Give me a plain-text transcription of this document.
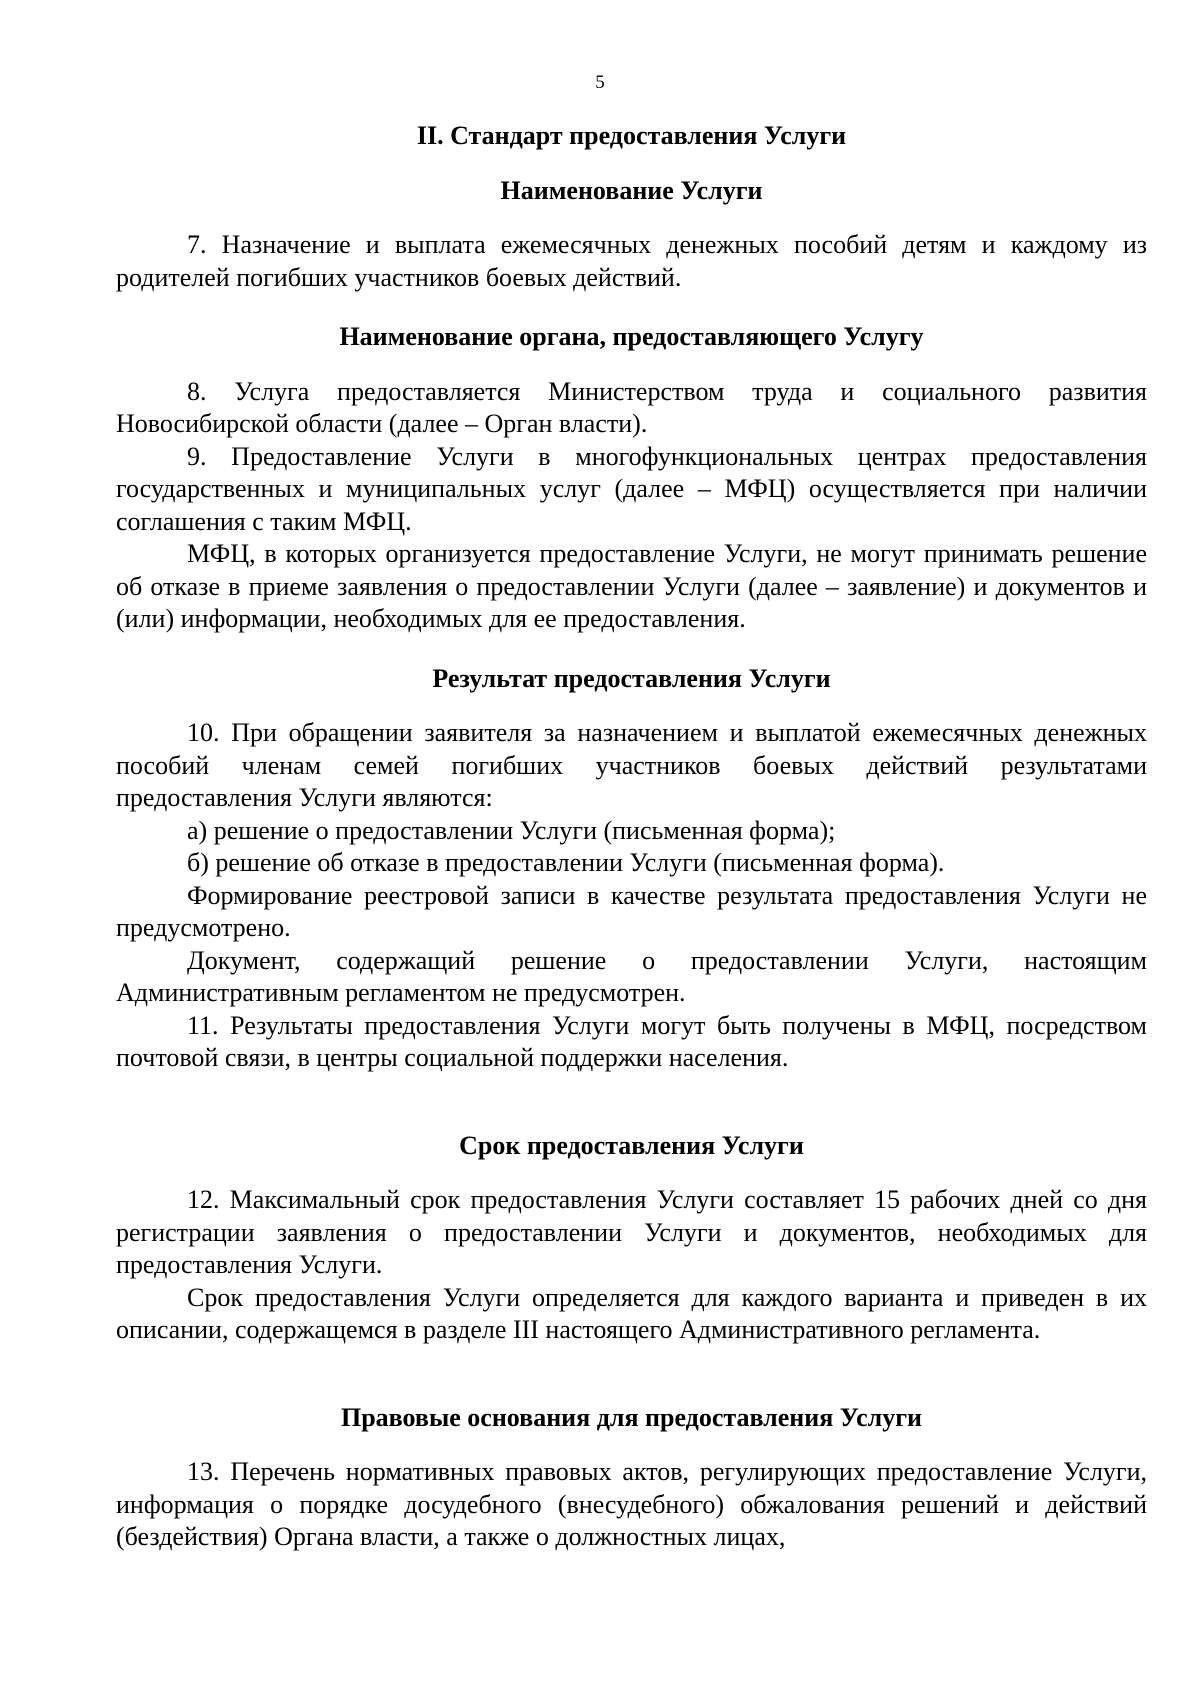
5
II. Стандарт предоставления Услуги
Наименование Услуги

7. Назначение и выплата ежемесячных денежных пособий детям и каждому из родителей погибших участников боевых действий.

Наименование органа, предоставляющего Услугу

8. Услуга предоставляется Министерством труда и социального развития Новосибирской области (далее – Орган власти).

9. Предоставление Услуги в многофункциональных центрах предоставления государственных и муниципальных услуг (далее – МФЦ) осуществляется при наличии соглашения с таким МФЦ.

МФЦ, в которых организуется предоставление Услуги, не могут принимать решение об отказе в приеме заявления о предоставлении Услуги (далее – заявление) и документов и (или) информации, необходимых для ее предоставления.

Результат предоставления Услуги

10. При обращении заявителя за назначением и выплатой ежемесячных денежных пособий членам семей погибших участников боевых действий результатами предоставления Услуги являются:

а) решение о предоставлении Услуги (письменная форма);

б) решение об отказе в предоставлении Услуги (письменная форма).

Формирование реестровой записи в качестве результата предоставления Услуги не предусмотрено.

Документ, содержащий решение о предоставлении Услуги, настоящим Административным регламентом не предусмотрен.

11. Результаты предоставления Услуги могут быть получены в МФЦ, посредством почтовой связи, в центры социальной поддержки населения.

Срок предоставления Услуги

12. Максимальный срок предоставления Услуги составляет 15 рабочих дней со дня регистрации заявления о предоставлении Услуги и документов, необходимых для предоставления Услуги.

Срок предоставления Услуги определяется для каждого варианта и приведен в их описании, содержащемся в разделе III настоящего Административного регламента.

Правовые основания для предоставления Услуги

13. Перечень нормативных правовых актов, регулирующих предоставление Услуги, информация о порядке досудебного (внесудебного) обжалования решений и действий (бездействия) Органа власти, а также о должностных лицах,
